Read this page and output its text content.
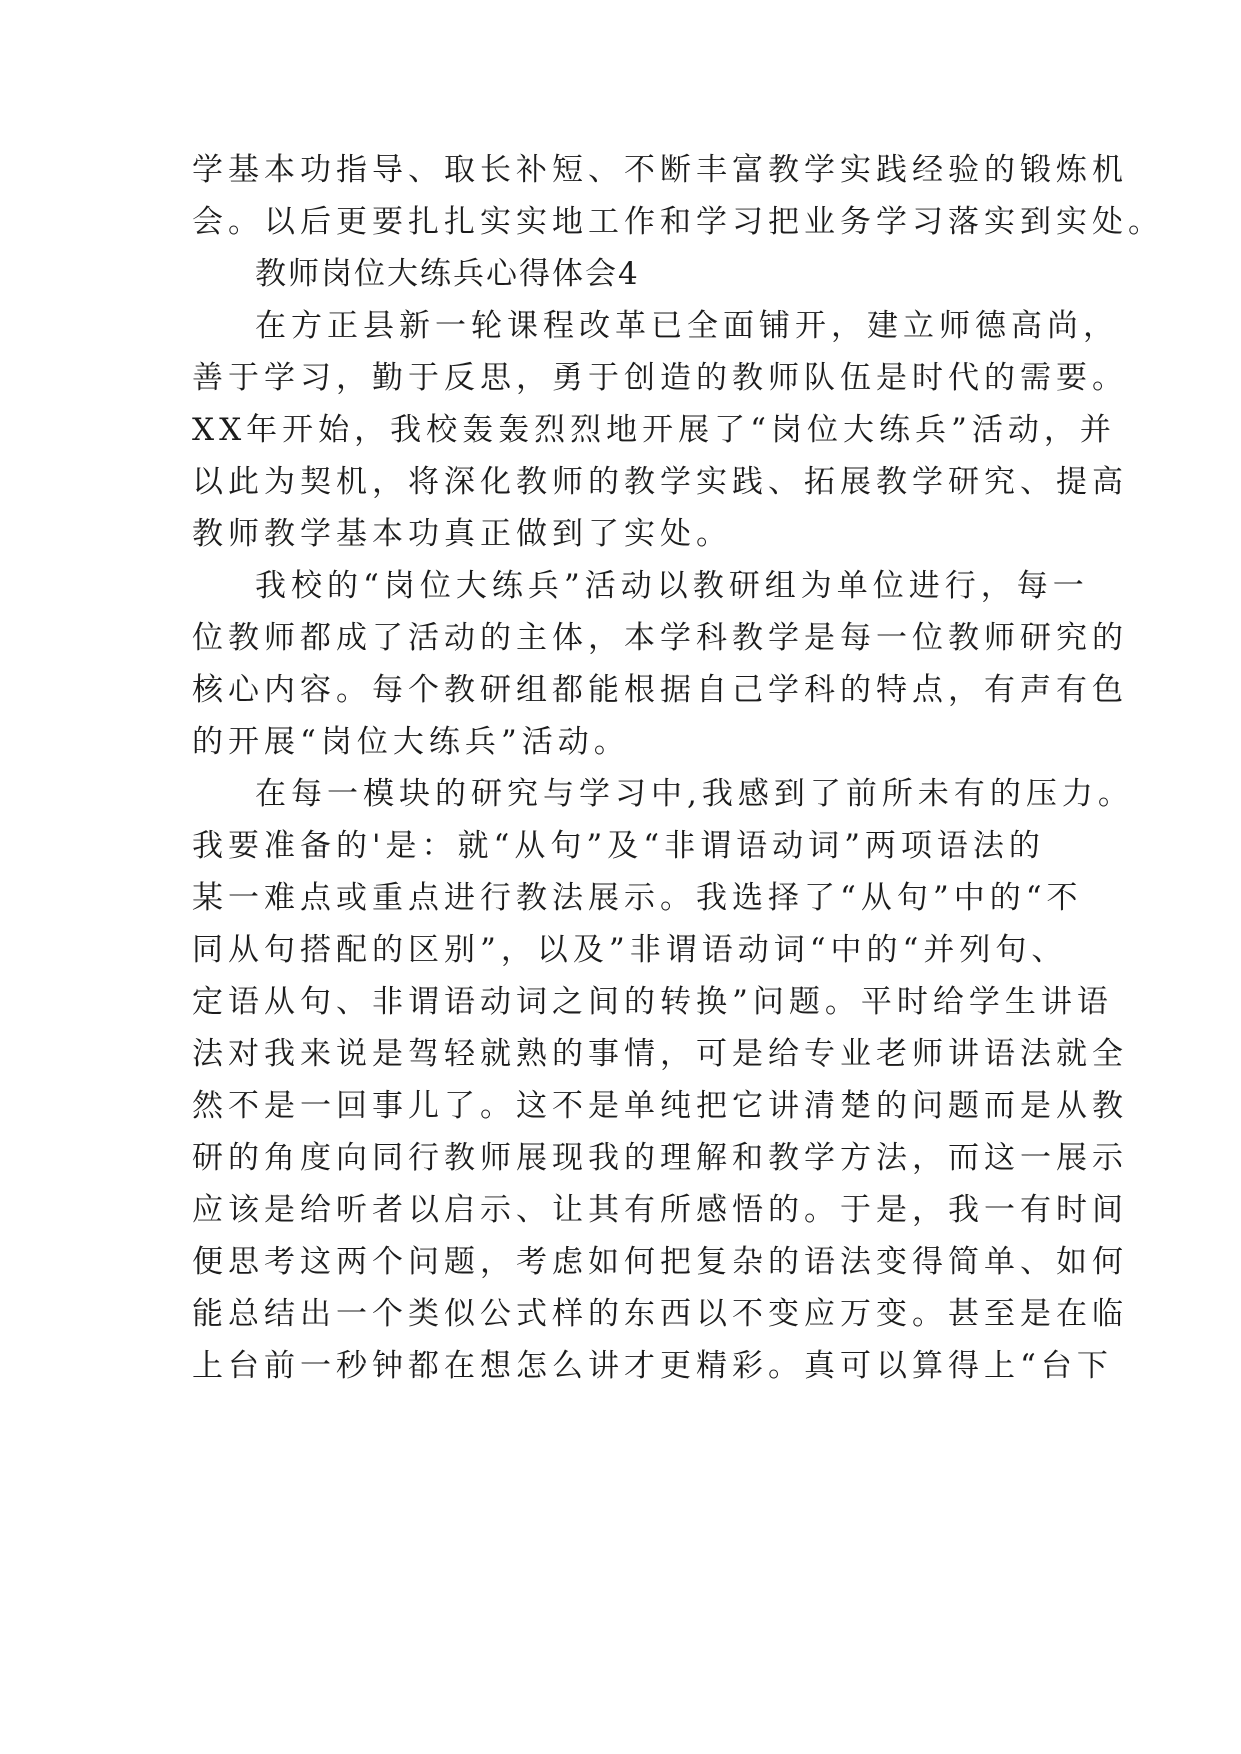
学基本功指导、取长补短、不断丰富教学实践经验的锻炼机
会。以后更要扎扎实实地工作和学习把业务学习落实到实处。
教师岗位大练兵心得体会4
在方正县新一轮课程改革已全面铺开，建立师德高尚，
善于学习，勤于反思，勇于创造的教师队伍是时代的需要。
XX年开始，我校轰轰烈烈地开展了“岗位大练兵”活动，并
以此为契机，将深化教师的教学实践、拓展教学研究、提高
教师教学基本功真正做到了实处。
我校的“岗位大练兵”活动以教研组为单位进行，每一
位教师都成了活动的主体，本学科教学是每一位教师研究的
核心内容。每个教研组都能根据自己学科的特点，有声有色
的开展“岗位大练兵”活动。
在每一模块的研究与学习中,我感到了前所未有的压力。
我要准备的'是：就“从句”及“非谓语动词”两项语法的
某一难点或重点进行教法展示。我选择了“从句”中的“不
同从句搭配的区别”，以及”非谓语动词“中的“并列句、
定语从句、非谓语动词之间的转换”问题。平时给学生讲语
法对我来说是驾轻就熟的事情，可是给专业老师讲语法就全
然不是一回事儿了。这不是单纯把它讲清楚的问题而是从教
研的角度向同行教师展现我的理解和教学方法，而这一展示
应该是给听者以启示、让其有所感悟的。于是，我一有时间
便思考这两个问题，考虑如何把复杂的语法变得简单、如何
能总结出一个类似公式样的东西以不变应万变。甚至是在临
上台前一秒钟都在想怎么讲才更精彩。真可以算得上“台下
